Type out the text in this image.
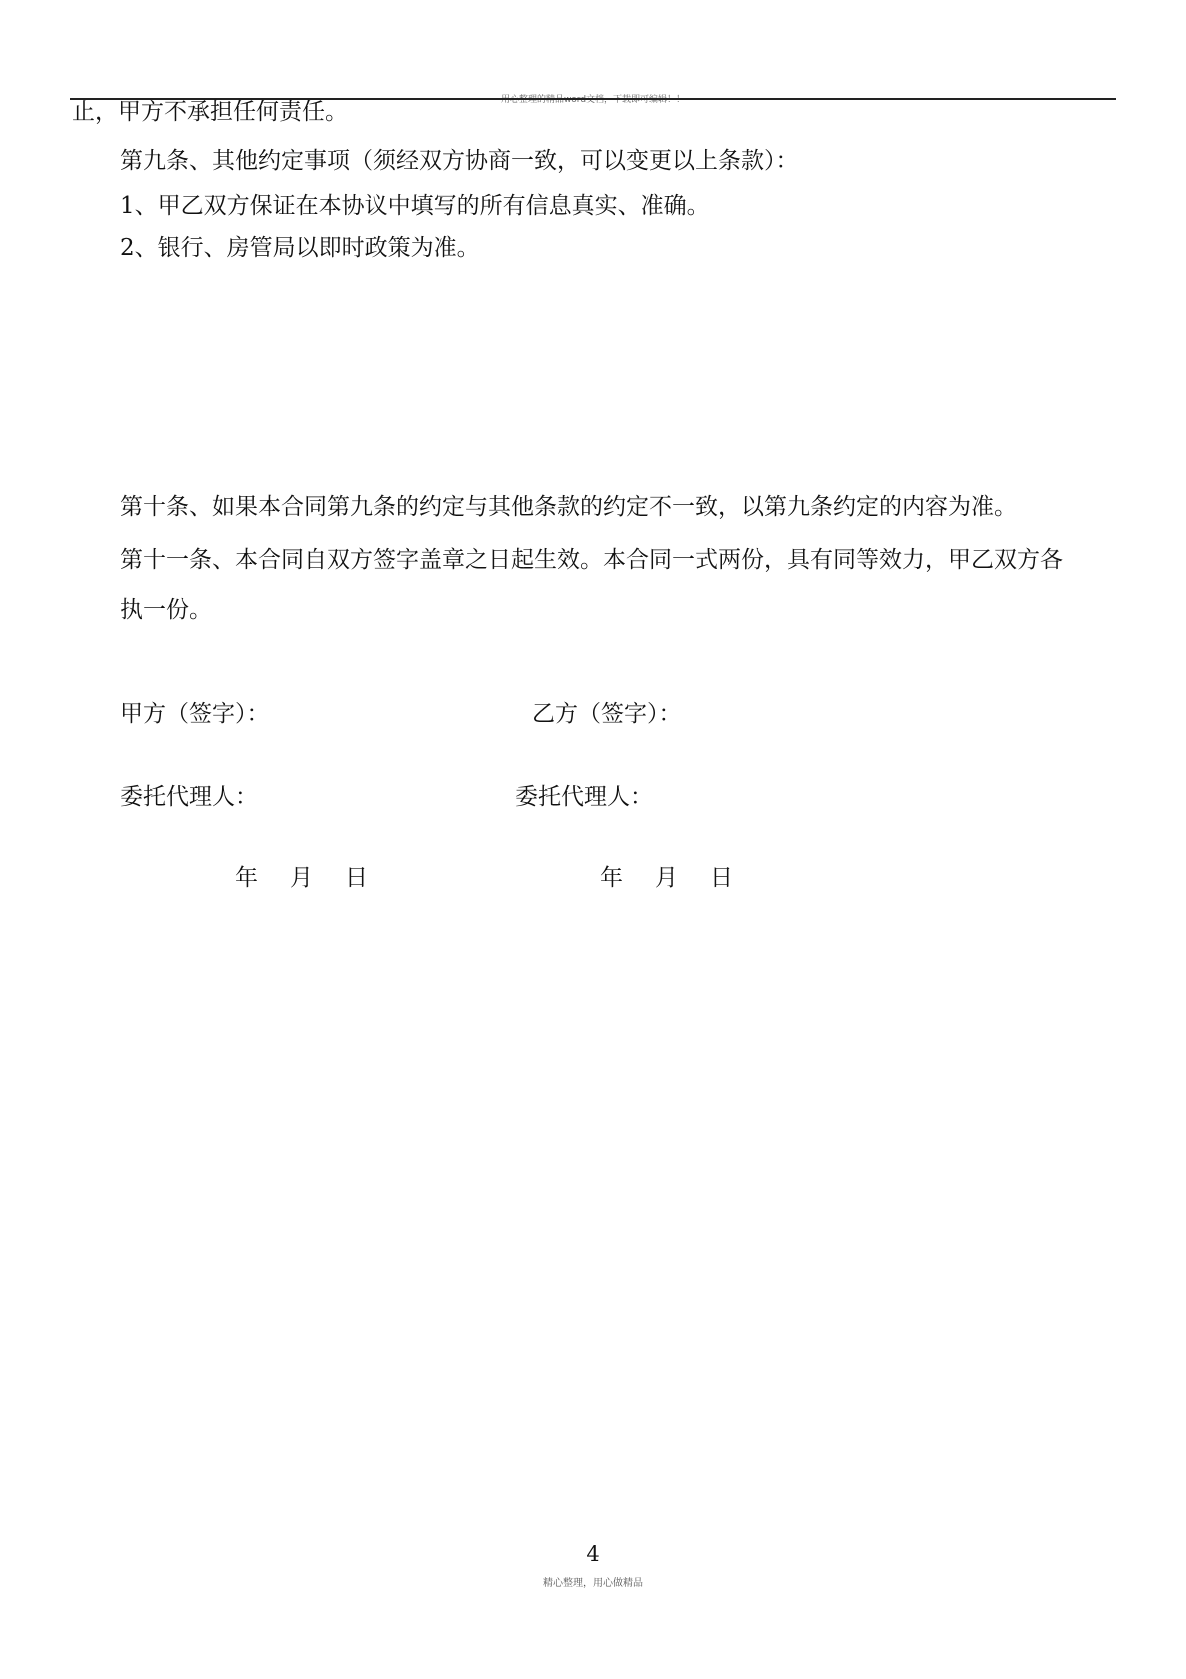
用心整理的精品word文档，下载即可编辑！！
止，甲方不承担任何责任。
第九条、其他约定事项（须经双方协商一致，可以变更以上条款）：
1、甲乙双方保证在本协议中填写的所有信息真实、准确。
2、银行、房管局以即时政策为准。
第十条、如果本合同第九条的约定与其他条款的约定不一致，以第九条约定的内容为准。
第十一条、本合同自双方签字盖章之日起生效。本合同一式两份，具有同等效力，甲乙双方各
执一份。
甲方（签字）：	乙方（签字）：
委托代理人：	委托代理人：
年 月 日	年 月 日
4
精心整理，用心做精品
